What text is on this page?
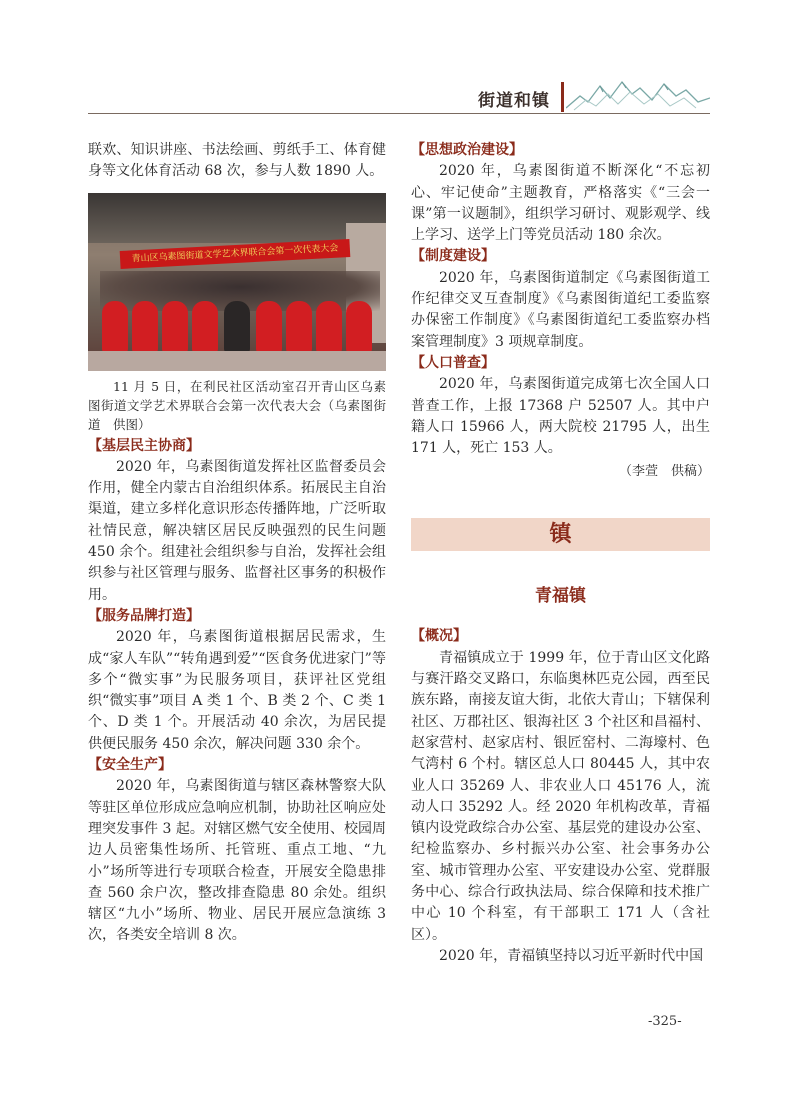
街道和镇

联欢、知识讲座、书法绘画、剪纸手工、体育健身等文化体育活动 68 次，参与人数 1890 人。

青山区乌素图街道文学艺术界联合会第一次代表大会

11 月 5 日，在利民社区活动室召开青山区乌素图街道文学艺术界联合会第一次代表大会（乌素图街道　供图）

【基层民主协商】

2020 年，乌素图街道发挥社区监督委员会作用，健全内蒙古自治组织体系。拓展民主自治渠道，建立多样化意识形态传播阵地，广泛听取社情民意，解决辖区居民反映强烈的民生问题 450 余个。组建社会组织参与自治，发挥社会组织参与社区管理与服务、监督社区事务的积极作用。

【服务品牌打造】

2020 年，乌素图街道根据居民需求，生成“家人车队”“转角遇到爱”“医食务优进家门”等多个“微实事”为民服务项目，获评社区党组织“微实事”项目 A 类 1 个、B 类 2 个、C 类 1 个、D 类 1 个。开展活动 40 余次，为居民提供便民服务 450 余次，解决问题 330 余个。

【安全生产】

2020 年，乌素图街道与辖区森林警察大队等驻区单位形成应急响应机制，协助社区响应处理突发事件 3 起。对辖区燃气安全使用、校园周边人员密集性场所、托管班、重点工地、“九小”场所等进行专项联合检查，开展安全隐患排查 560 余户次，整改排查隐患 80 余处。组织辖区“九小”场所、物业、居民开展应急演练 3 次，各类安全培训 8 次。

【思想政治建设】

2020 年，乌素图街道不断深化“不忘初心、牢记使命”主题教育，严格落实《“三会一课”第一议题制》，组织学习研讨、观影观学、线上学习、送学上门等党员活动 180 余次。

【制度建设】

2020 年，乌素图街道制定《乌素图街道工作纪律交叉互查制度》《乌素图街道纪工委监察办保密工作制度》《乌素图街道纪工委监察办档案管理制度》3 项规章制度。

【人口普查】

2020 年，乌素图街道完成第七次全国人口普查工作，上报 17368 户 52507 人。其中户籍人口 15966 人，两大院校 21795 人，出生 171 人，死亡 153 人。

（李萱　供稿）

镇
青福镇
【概况】

青福镇成立于 1999 年，位于青山区文化路与赛汗路交叉路口，东临奥林匹克公园，西至民族东路，南接友谊大街，北依大青山；下辖保利社区、万郡社区、银海社区 3 个社区和昌福村、赵家营村、赵家店村、银匠窑村、二海壕村、色气湾村 6 个村。辖区总人口 80445 人，其中农业人口 35269 人、非农业人口 45176 人，流动人口 35292 人。经 2020 年机构改革，青福镇内设党政综合办公室、基层党的建设办公室、纪检监察办、乡村振兴办公室、社会事务办公室、城市管理办公室、平安建设办公室、党群服务中心、综合行政执法局、综合保障和技术推广中心 10 个科室，有干部职工 171 人（含社区）。

2020 年，青福镇坚持以习近平新时代中国

-325-
